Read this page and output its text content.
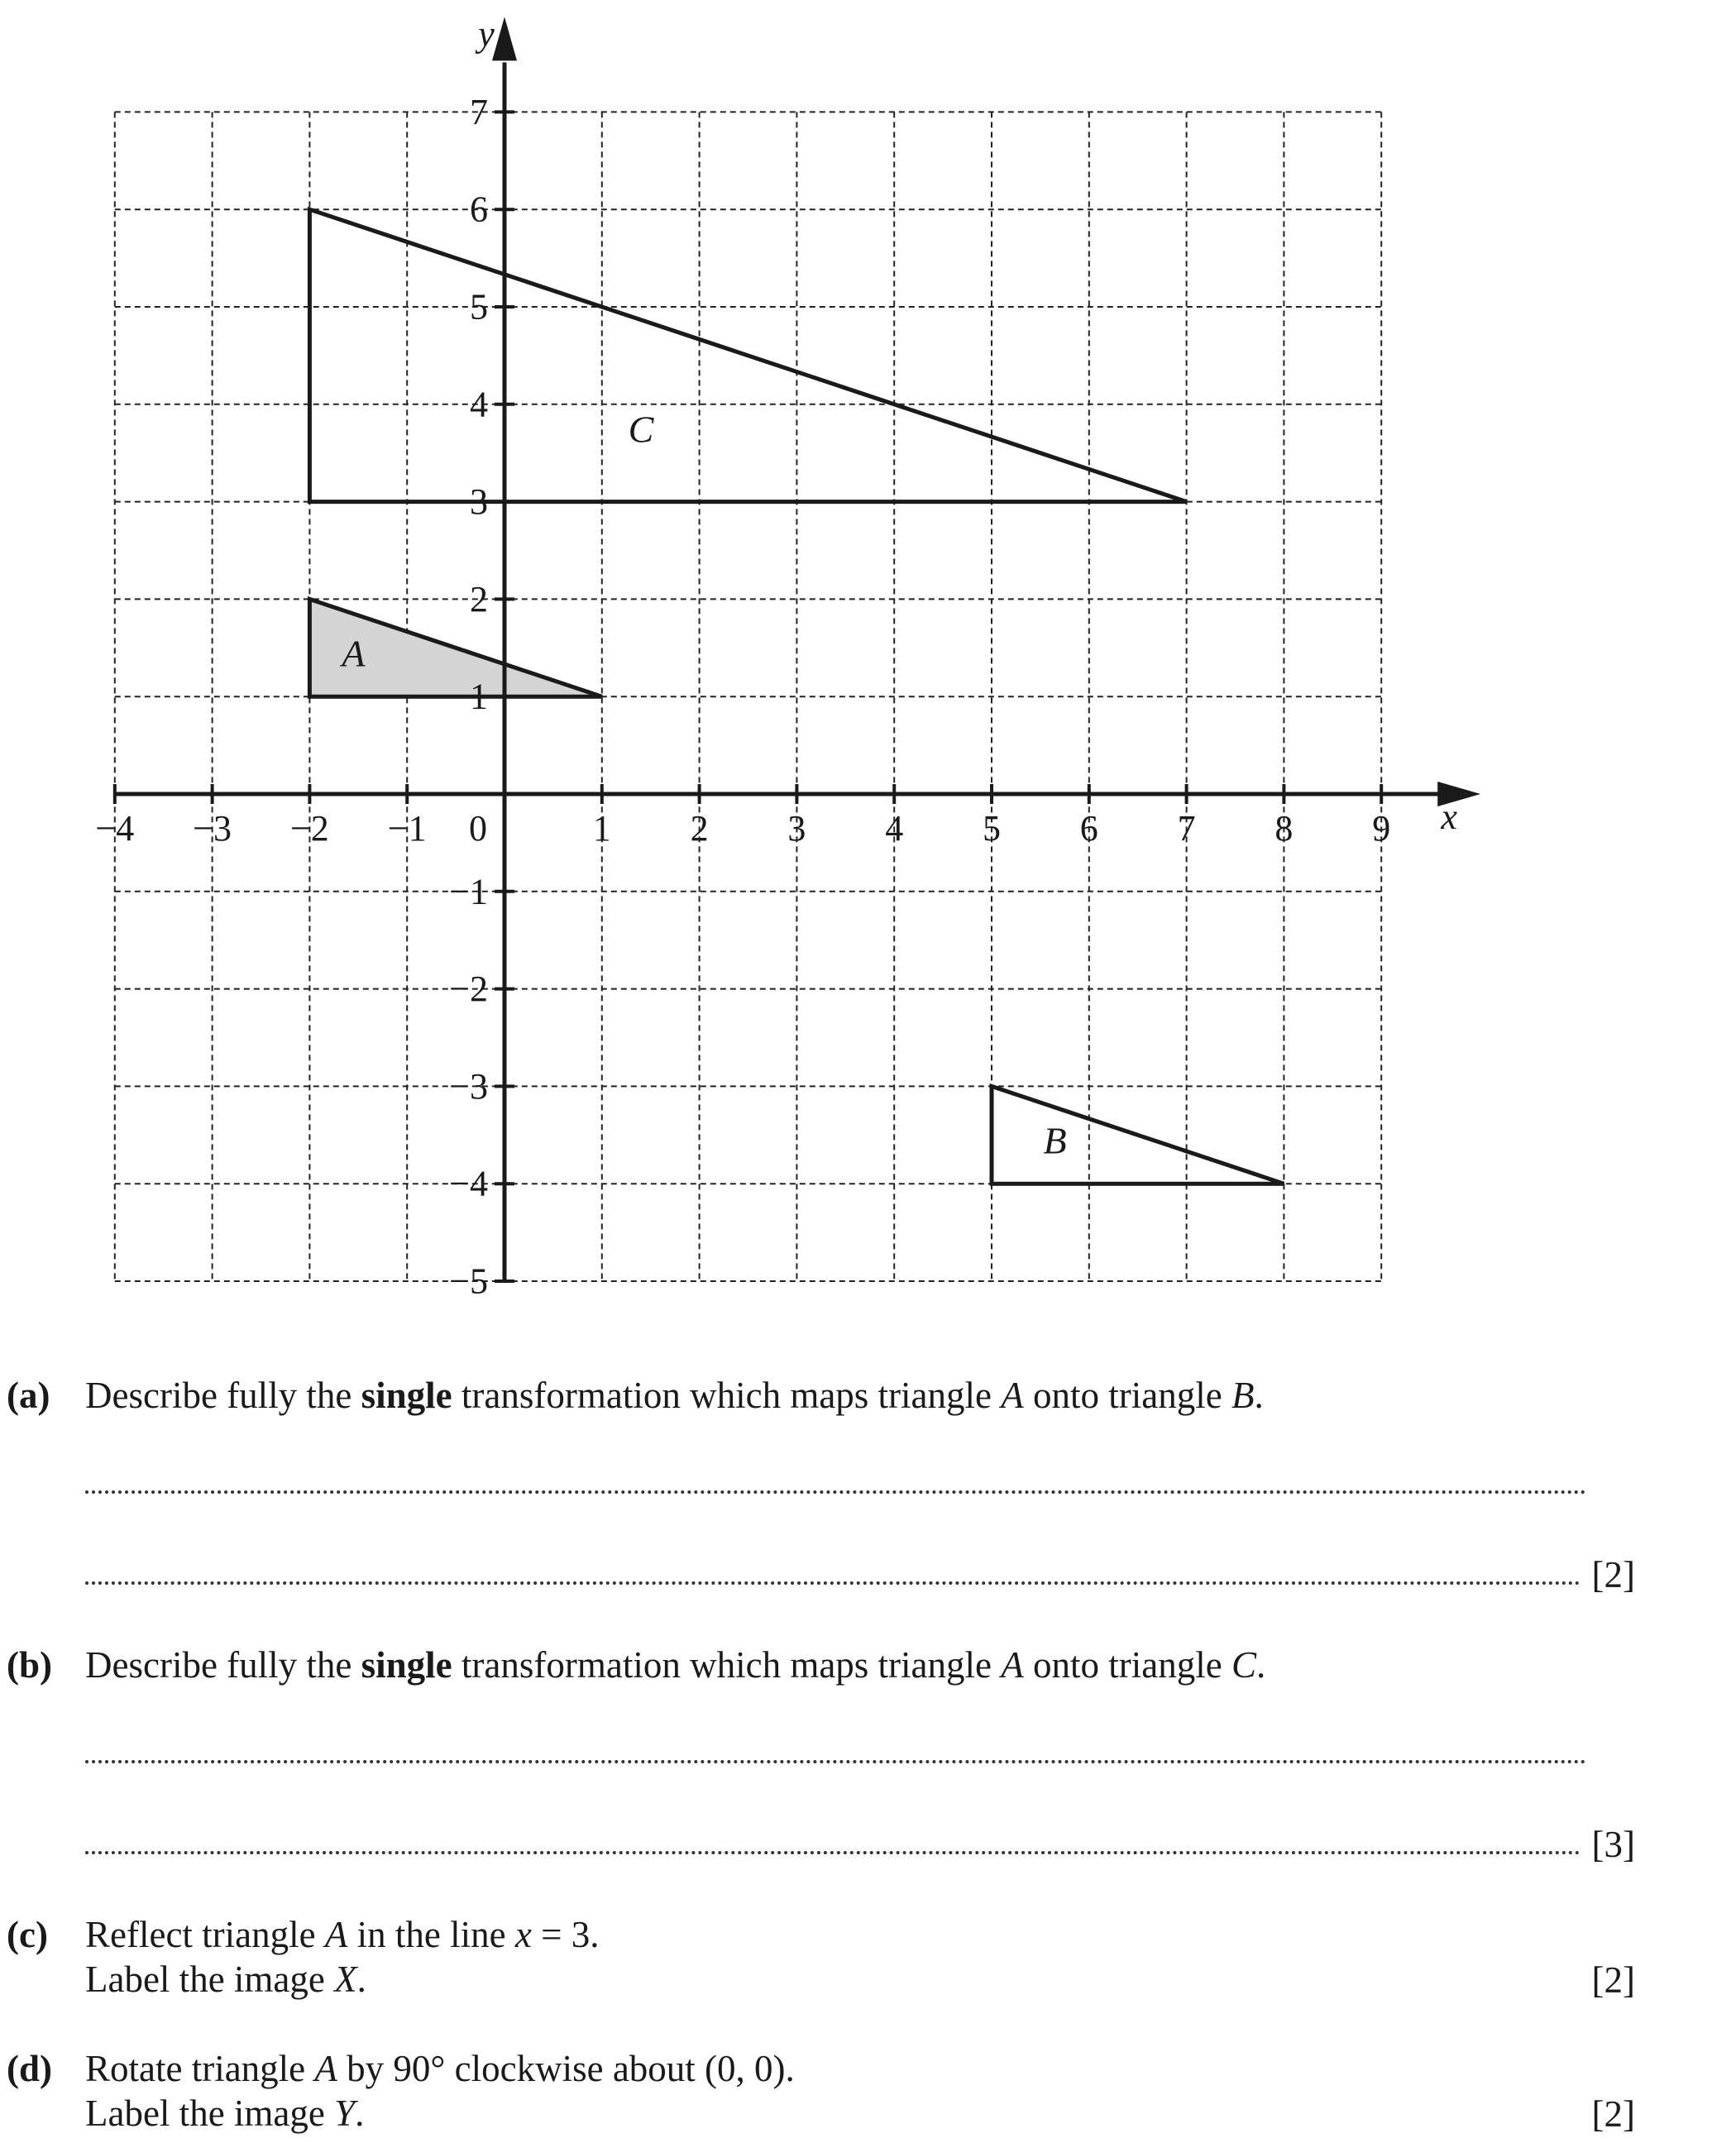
A
B
C
x
y
−4 −3 −2 −1 0	1 2 3 4 5 6 7 8 9
−5
−4
−3
−2
−1
1
2
3
4
5
6
7
(a) Describe fully the single transformation which maps triangle A onto triangle B.
[2]
(b) Describe fully the single transformation which maps triangle A onto triangle C.
[3]
(c) Reflect triangle A in the line x = 3.
Label the image X.	[2]
(d) Rotate triangle A by 90° clockwise about (0, 0).
Label the image Y.	[2]
